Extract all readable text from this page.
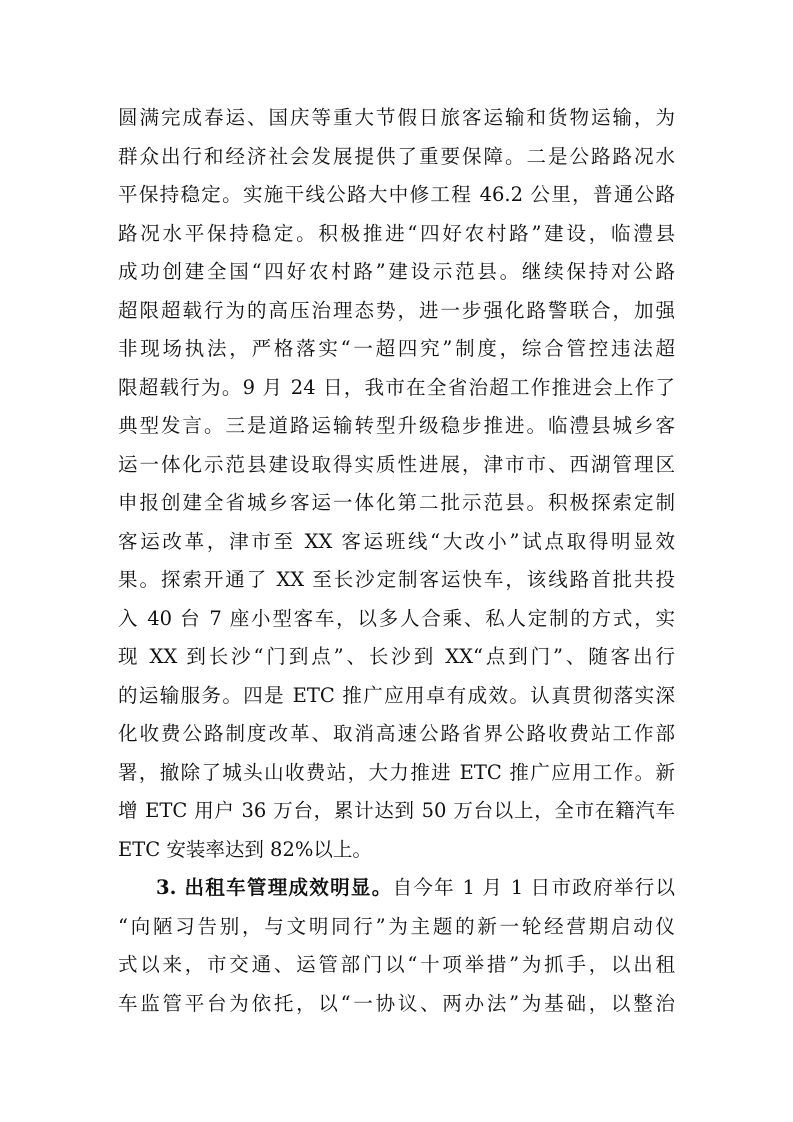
圆满完成春运、国庆等重大节假日旅客运输和货物运输，为
群众出行和经济社会发展提供了重要保障。二是公路路况水
平保持稳定。实施干线公路大中修工程 46.2 公里，普通公路
路况水平保持稳定。积极推进“四好农村路”建设，临澧县
成功创建全国“四好农村路”建设示范县。继续保持对公路
超限超载行为的高压治理态势，进一步强化路警联合，加强
非现场执法，严格落实“一超四究”制度，综合管控违法超
限超载行为。9 月 24 日，我市在全省治超工作推进会上作了
典型发言。三是道路运输转型升级稳步推进。临澧县城乡客
运一体化示范县建设取得实质性进展，津市市、西湖管理区
申报创建全省城乡客运一体化第二批示范县。积极探索定制
客运改革，津市至 XX 客运班线“大改小”试点取得明显效
果。探索开通了 XX 至长沙定制客运快车，该线路首批共投
入 40 台 7 座小型客车，以多人合乘、私人定制的方式，实
现 XX 到长沙“门到点”、长沙到 XX“点到门”、随客出行
的运输服务。四是 ETC 推广应用卓有成效。认真贯彻落实深
化收费公路制度改革、取消高速公路省界公路收费站工作部
署，撤除了城头山收费站，大力推进 ETC 推广应用工作。新
增 ETC 用户 36 万台，累计达到 50 万台以上，全市在籍汽车
ETC 安装率达到 82%以上。
3. 出租车管理成效明显。自今年 1 月 1 日市政府举行以
“向陋习告别，与文明同行”为主题的新一轮经营期启动仪
式以来，市交通、运管部门以“十项举措”为抓手，以出租
车监管平台为依托，以“一协议、两办法”为基础，以整治
